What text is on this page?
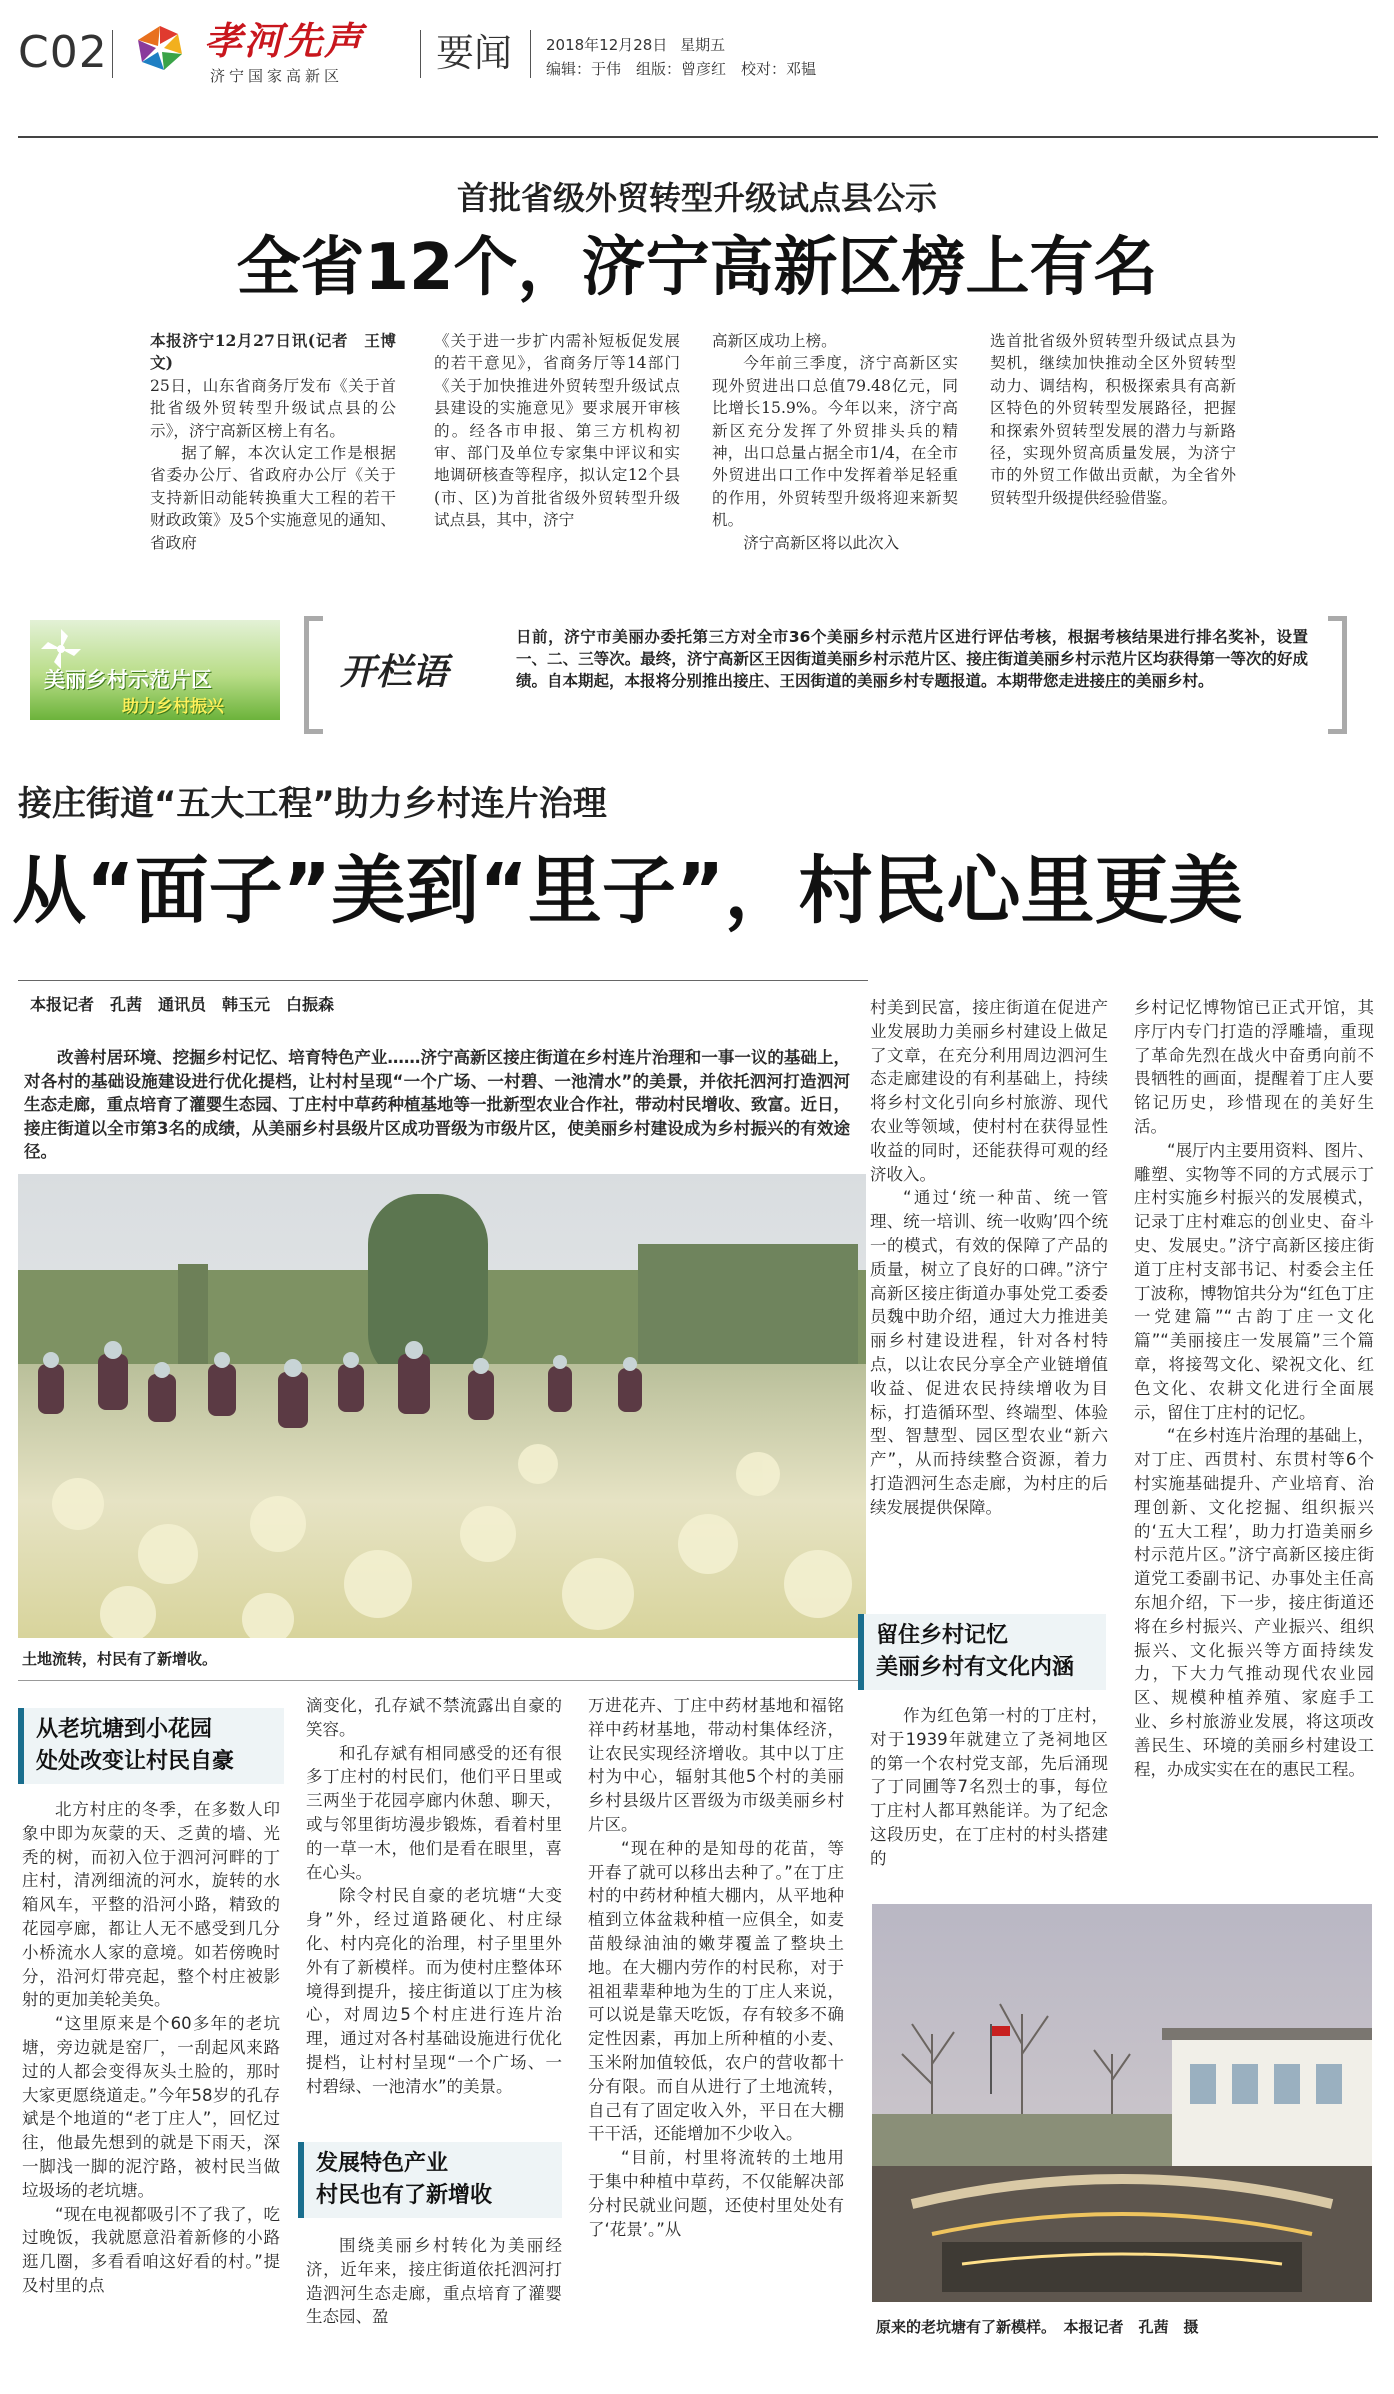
C02	孝河先声
济宁国家高新区
要闻 2018年12月28日 星期五
编辑：于伟　组版：曾彦红　校对：邓韫
首批省级外贸转型升级试点县公示
全省12个，济宁高新区榜上有名

本报济宁12月27日讯(记者　王博文)

25日，山东省商务厅发布《关于首批省级外贸转型升级试点县的公示》，济宁高新区榜上有名。

据了解，本次认定工作是根据省委办公厅、省政府办公厅《关于支持新旧动能转换重大工程的若干财政政策》及5个实施意见的通知、省政府

《关于进一步扩内需补短板促发展的若干意见》，省商务厅等14部门《关于加快推进外贸转型升级试点县建设的实施意见》要求展开审核的。经各市申报、第三方机构初审、部门及单位专家集中评议和实地调研核查等程序，拟认定12个县(市、区)为首批省级外贸转型升级试点县，其中，济宁

高新区成功上榜。

今年前三季度，济宁高新区实现外贸进出口总值79.48亿元，同比增长15.9%。今年以来，济宁高新区充分发挥了外贸排头兵的精神，出口总量占据全市1/4，在全市外贸进出口工作中发挥着举足轻重的作用，外贸转型升级将迎来新契机。

济宁高新区将以此次入

选首批省级外贸转型升级试点县为契机，继续加快推动全区外贸转型动力、调结构，积极探索具有高新区特色的外贸转型发展路径，把握和探索外贸转型发展的潜力与新路径，实现外贸高质量发展，为济宁市的外贸工作做出贡献，为全省外贸转型升级提供经验借鉴。

美丽乡村示范片区
助力乡村振兴
开栏语
日前，济宁市美丽办委托第三方对全市36个美丽乡村示范片区进行评估考核，根据考核结果进行排名奖补，设置一、二、三等次。最终，济宁高新区王因街道美丽乡村示范片区、接庄街道美丽乡村示范片区均获得第一等次的好成绩。自本期起，本报将分别推出接庄、王因街道的美丽乡村专题报道。本期带您走进接庄的美丽乡村。
接庄街道“五大工程”助力乡村连片治理
从“面子”美到“里子”，村民心里更美
本报记者　孔茜　通讯员　韩玉元　白振森

改善村居环境、挖掘乡村记忆、培育特色产业……济宁高新区接庄街道在乡村连片治理和一事一议的基础上，对各村的基础设施建设进行优化提档，让村村呈现“一个广场、一村碧、一池清水”的美景，并依托泗河打造泗河生态走廊，重点培育了灌婴生态园、丁庄村中草药种植基地等一批新型农业合作社，带动村民增收、致富。近日，接庄街道以全市第3名的成绩，从美丽乡村县级片区成功晋级为市级片区，使美丽乡村建设成为乡村振兴的有效途径。

土地流转，村民有了新增收。
从老坑塘到小花园
处处改变让村民自豪

北方村庄的冬季，在多数人印象中即为灰蒙的天、乏黄的墙、光秃的树，而初入位于泗河河畔的丁庄村，清冽细流的河水，旋转的水箱风车，平整的沿河小路，精致的花园亭廊，都让人无不感受到几分小桥流水人家的意境。如若傍晚时分，沿河灯带亮起，整个村庄被影射的更加美轮美奂。

“这里原来是个60多年的老坑塘，旁边就是窑厂，一刮起风来路过的人都会变得灰头土脸的，那时大家更愿绕道走。”今年58岁的孔存斌是个地道的“老丁庄人”，回忆过往，他最先想到的就是下雨天，深一脚浅一脚的泥泞路，被村民当做垃圾场的老坑塘。

“现在电视都吸引不了我了，吃过晚饭，我就愿意沿着新修的小路逛几圈，多看看咱这好看的村。”提及村里的点

滴变化，孔存斌不禁流露出自豪的笑容。

和孔存斌有相同感受的还有很多丁庄村的村民们，他们平日里或三两坐于花园亭廊内休憩、聊天，或与邻里街坊漫步锻炼，看着村里的一草一木，他们是看在眼里，喜在心头。

除令村民自豪的老坑塘“大变身”外，经过道路硬化、村庄绿化、村内亮化的治理，村子里里外外有了新模样。而为使村庄整体环境得到提升，接庄街道以丁庄为核心，对周边5个村庄进行连片治理，通过对各村基础设施进行优化提档，让村村呈现“一个广场、一村碧绿、一池清水”的美景。

发展特色产业
村民也有了新增收

围绕美丽乡村转化为美丽经济，近年来，接庄街道依托泗河打造泗河生态走廊，重点培育了灌婴生态园、盈

万进花卉、丁庄中药材基地和福铭祥中药材基地，带动村集体经济，让农民实现经济增收。其中以丁庄村为中心，辐射其他5个村的美丽乡村县级片区晋级为市级美丽乡村片区。

“现在种的是知母的花苗，等开春了就可以移出去种了。”在丁庄村的中药材种植大棚内，从平地种植到立体盆栽种植一应俱全，如麦苗般绿油油的嫩芽覆盖了整块土地。在大棚内劳作的村民称，对于祖祖辈辈种地为生的丁庄人来说，可以说是靠天吃饭，存有较多不确定性因素，再加上所种植的小麦、玉米附加值较低，农户的营收都十分有限。而自从进行了土地流转，自己有了固定收入外，平日在大棚干干活，还能增加不少收入。

“目前，村里将流转的土地用于集中种植中草药，不仅能解决部分村民就业问题，还使村里处处有了‘花景’。”从

村美到民富，接庄街道在促进产业发展助力美丽乡村建设上做足了文章，在充分利用周边泗河生态走廊建设的有利基础上，持续将乡村文化引向乡村旅游、现代农业等领域，使村村在获得显性收益的同时，还能获得可观的经济收入。

“通过‘统一种苗、统一管理、统一培训、统一收购’四个统一的模式，有效的保障了产品的质量，树立了良好的口碑。”济宁高新区接庄街道办事处党工委委员魏中助介绍，通过大力推进美丽乡村建设进程，针对各村特点，以让农民分享全产业链增值收益、促进农民持续增收为目标，打造循环型、终端型、体验型、智慧型、园区型农业“新六产”，从而持续整合资源，着力打造泗河生态走廊，为村庄的后续发展提供保障。

留住乡村记忆
美丽乡村有文化内涵

作为红色第一村的丁庄村，对于1939年就建立了尧祠地区的第一个农村党支部，先后涌现了丁同圃等7名烈士的事，每位丁庄村人都耳熟能详。为了纪念这段历史，在丁庄村的村头搭建的

乡村记忆博物馆已正式开馆，其序厅内专门打造的浮雕墙，重现了革命先烈在战火中奋勇向前不畏牺牲的画面，提醒着丁庄人要铭记历史，珍惜现在的美好生活。

“展厅内主要用资料、图片、雕塑、实物等不同的方式展示丁庄村实施乡村振兴的发展模式，记录丁庄村难忘的创业史、奋斗史、发展史。”济宁高新区接庄街道丁庄村支部书记、村委会主任丁波称，博物馆共分为“红色丁庄一党建篇”“古韵丁庄一文化篇”“美丽接庄一发展篇”三个篇章，将接驾文化、梁祝文化、红色文化、农耕文化进行全面展示，留住丁庄村的记忆。

“在乡村连片治理的基础上，对丁庄、西贯村、东贯村等6个村实施基础提升、产业培育、治理创新、文化挖掘、组织振兴的‘五大工程’，助力打造美丽乡村示范片区。”济宁高新区接庄街道党工委副书记、办事处主任高东旭介绍，下一步，接庄街道还将在乡村振兴、产业振兴、组织振兴、文化振兴等方面持续发力，下大力气推动现代农业园区、规模种植养殖、家庭手工业、乡村旅游业发展，将这项改善民生、环境的美丽乡村建设工程，办成实实在在的惠民工程。

原来的老坑塘有了新模样。　本报记者　孔茜　摄
